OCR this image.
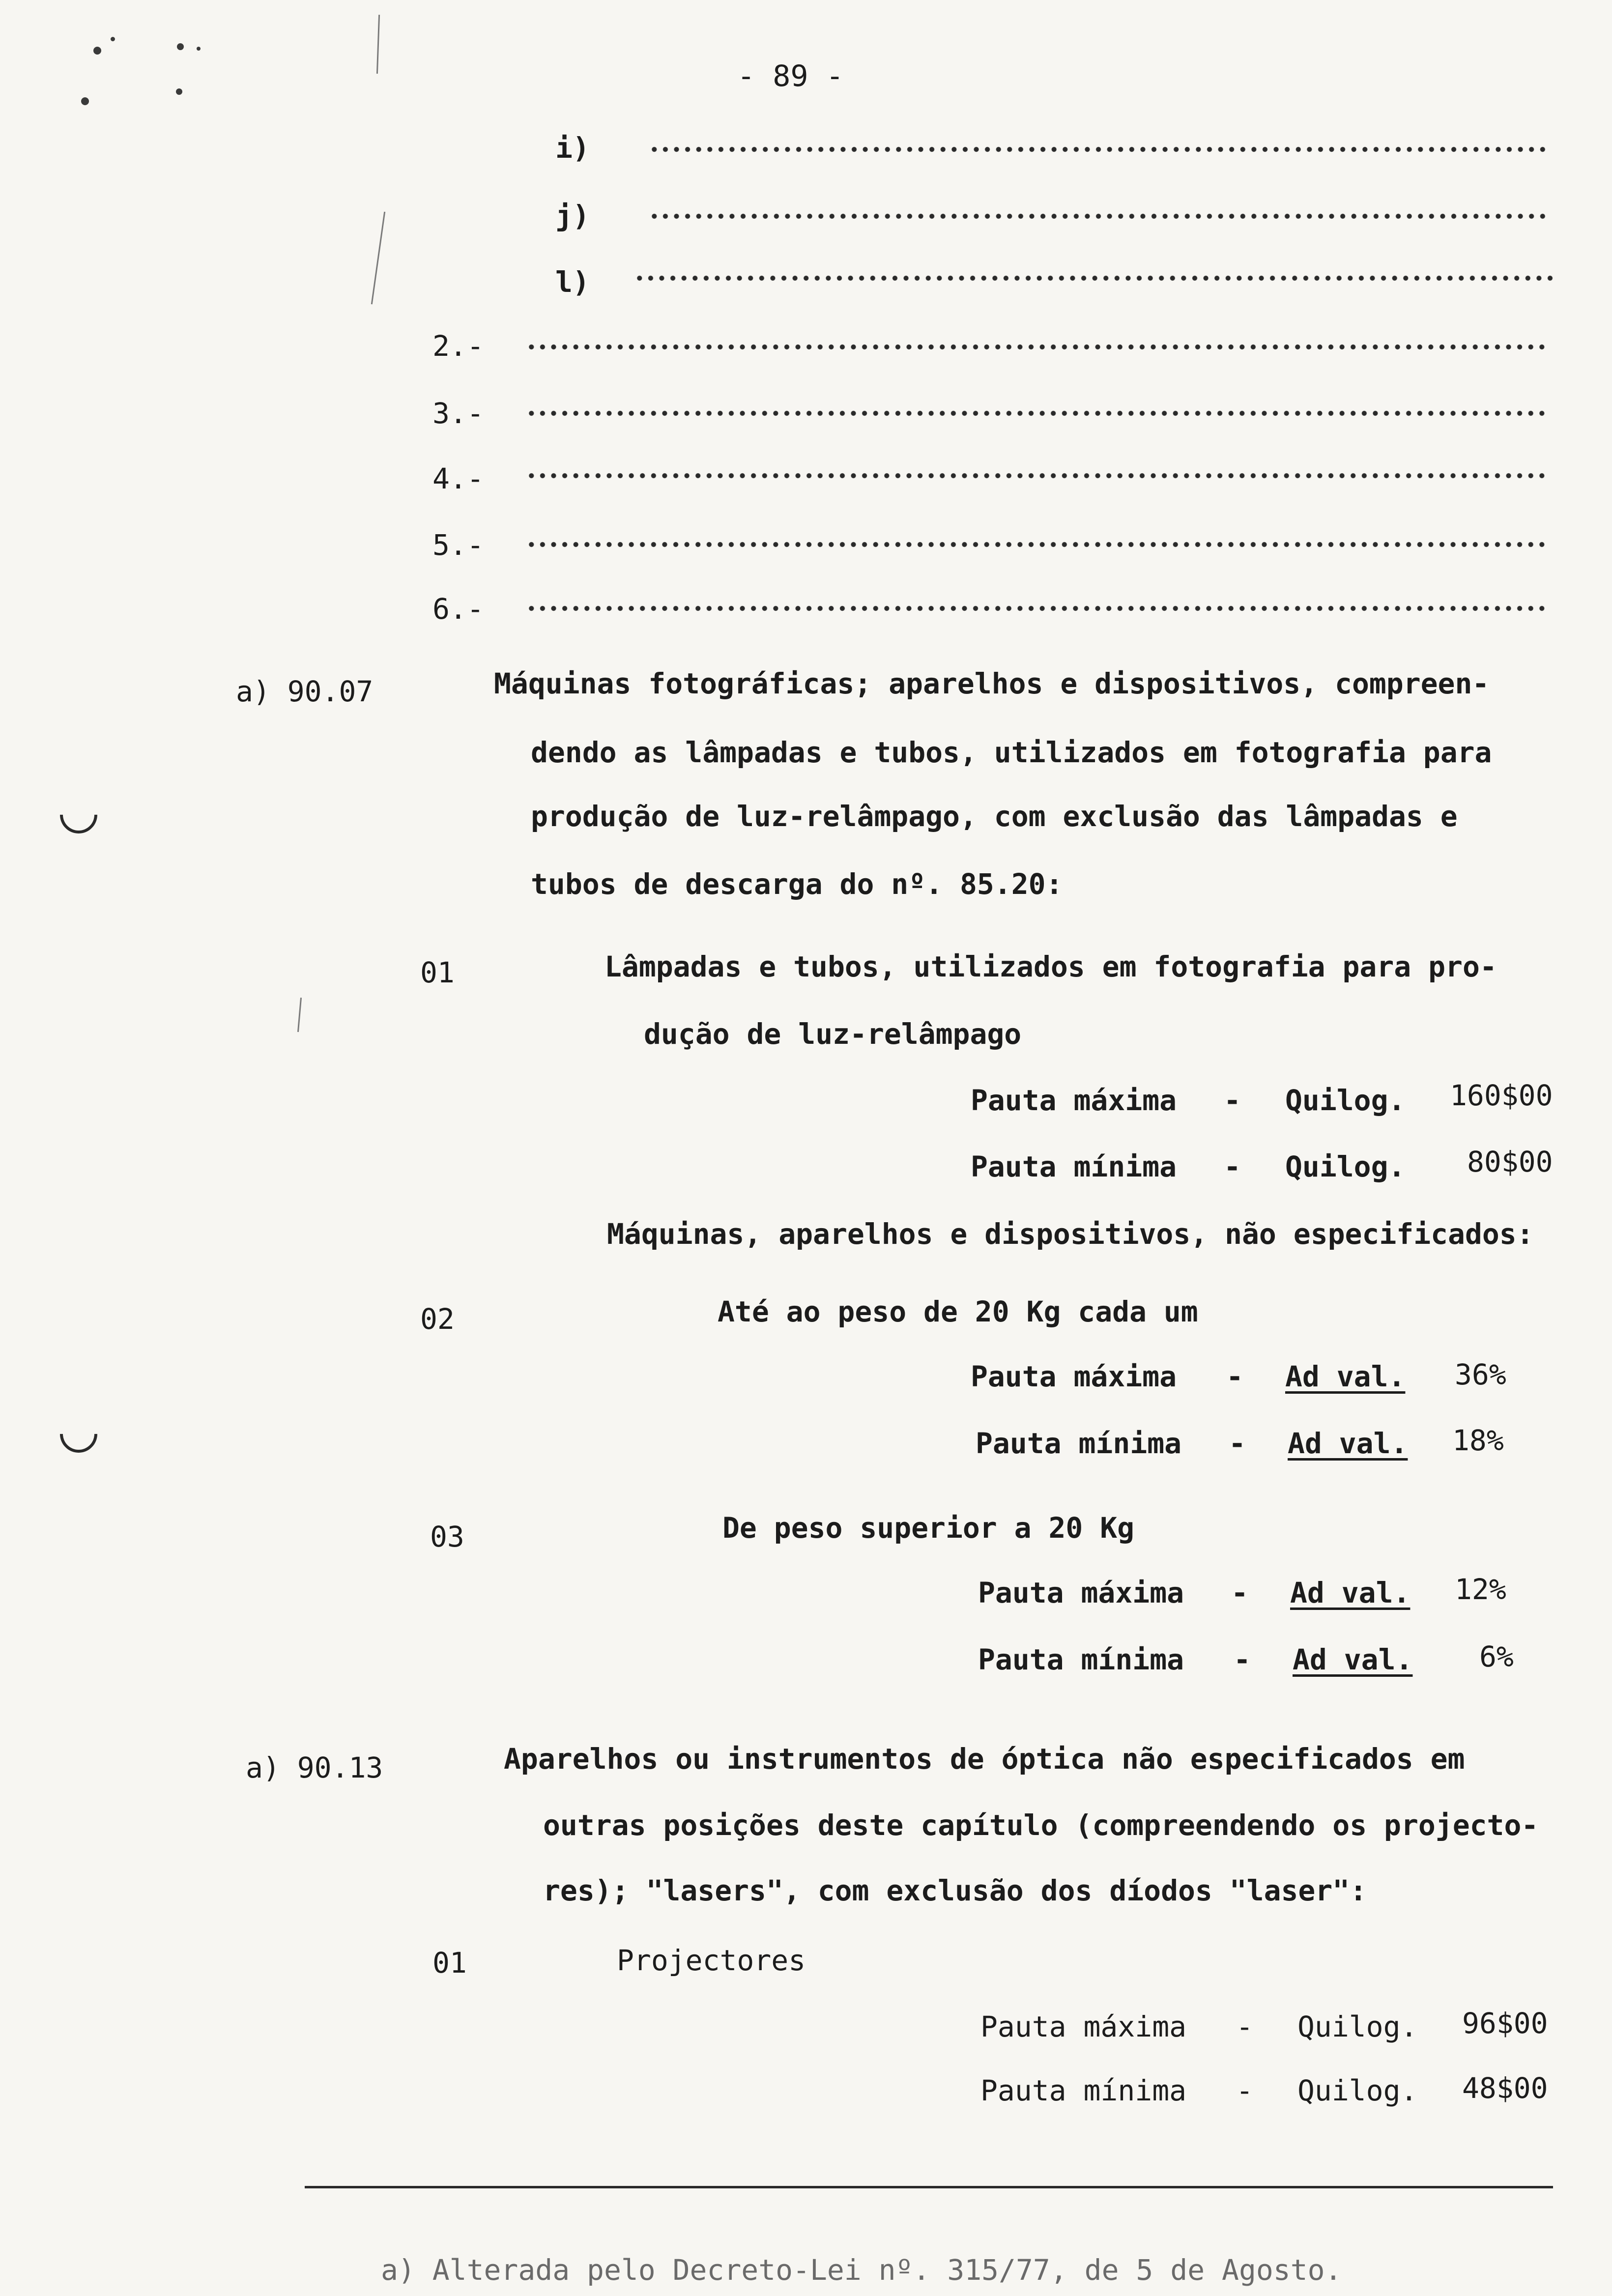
- 89 -
i)
j)
l)
2.-
3.-
4.-
5.-
6.-
a) 90.07	Máquinas fotográficas; aparelhos e dispositivos, compreen-
dendo as lâmpadas e tubos, utilizados em fotografia para
produção de luz-relâmpago, com exclusão das lâmpadas e
tubos de descarga do nº. 85.20:
01	Lâmpadas e tubos, utilizados em fotografia para pro-
dução de luz-relâmpago
Pauta máxima - Quilog. 160$00
Pauta mínima - Quilog. 80$00
Máquinas, aparelhos e dispositivos, não especificados:
02	Até ao peso de 20 Kg cada um
Pauta máxima - Ad val. 36%
Pauta mínima - Ad val. 18%
03	De peso superior a 20 Kg
Pauta máxima - Ad val. 12%
Pauta mínima - Ad val. 6%
a) 90.13	Aparelhos ou instrumentos de óptica não especificados em
outras posições deste capítulo (compreendendo os projecto-
res); "lasers", com exclusão dos díodos "laser":
01	Projectores
Pauta máxima - Quilog. 96$00
Pauta mínima - Quilog. 48$00
a) Alterada pelo Decreto-Lei nº. 315/77, de 5 de Agosto.
